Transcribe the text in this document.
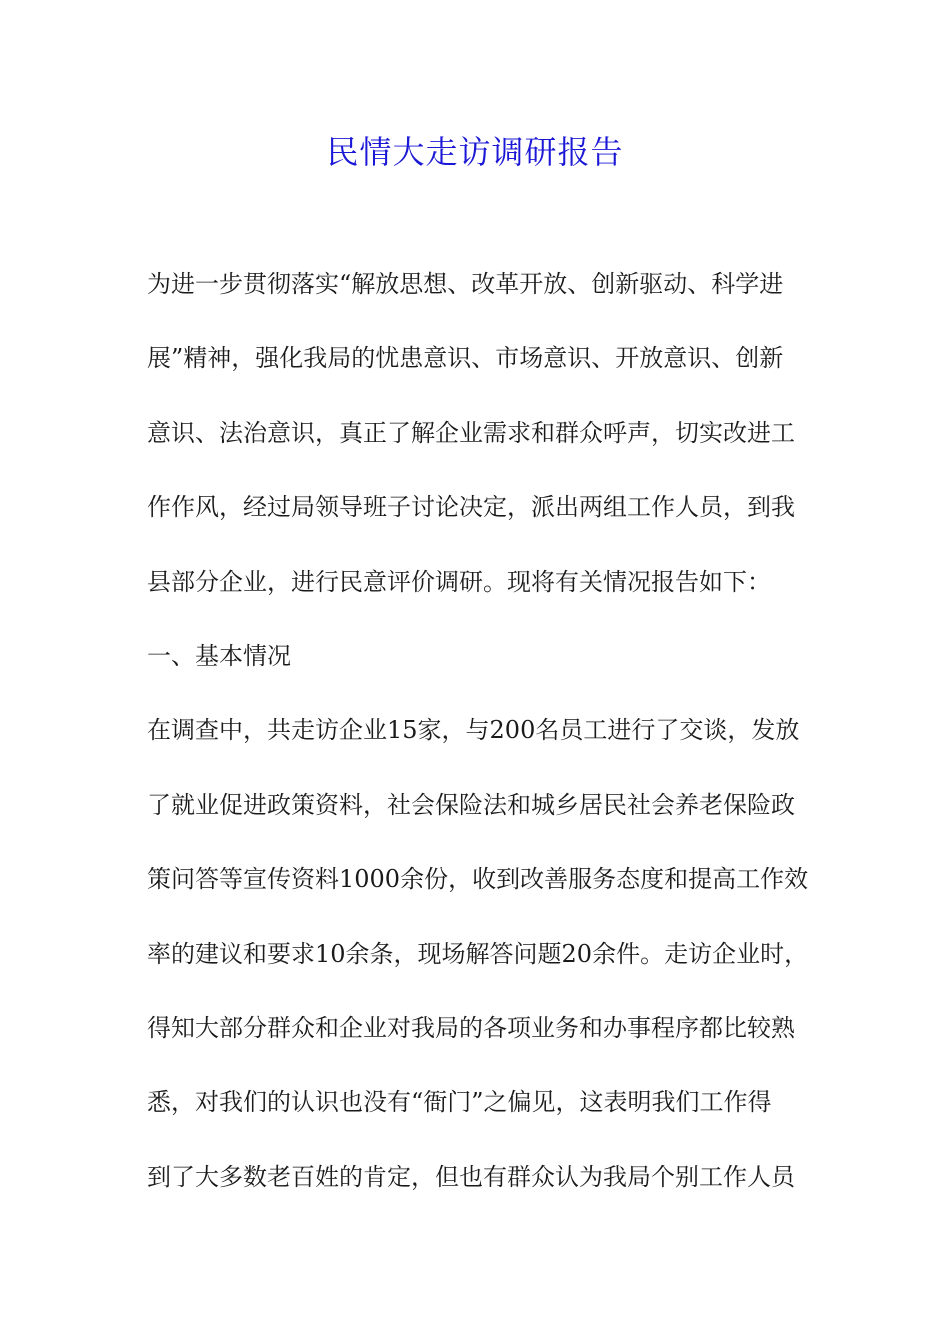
民情大走访调研报告

为进一步贯彻落实“解放思想、改革开放、创新驱动、科学进

展”精神，强化我局的忧患意识、市场意识、开放意识、创新

意识、法治意识，真正了解企业需求和群众呼声，切实改进工

作作风，经过局领导班子讨论决定，派出两组工作人员，到我

县部分企业，进行民意评价调研。现将有关情况报告如下：

一、基本情况

在调查中，共走访企业15家，与200名员工进行了交谈，发放

了就业促进政策资料，社会保险法和城乡居民社会养老保险政

策问答等宣传资料1000余份，收到改善服务态度和提高工作效

率的建议和要求10余条，现场解答问题20余件。走访企业时，

得知大部分群众和企业对我局的各项业务和办事程序都比较熟

悉，对我们的认识也没有“衙门”之偏见，这表明我们工作得

到了大多数老百姓的肯定，但也有群众认为我局个别工作人员
